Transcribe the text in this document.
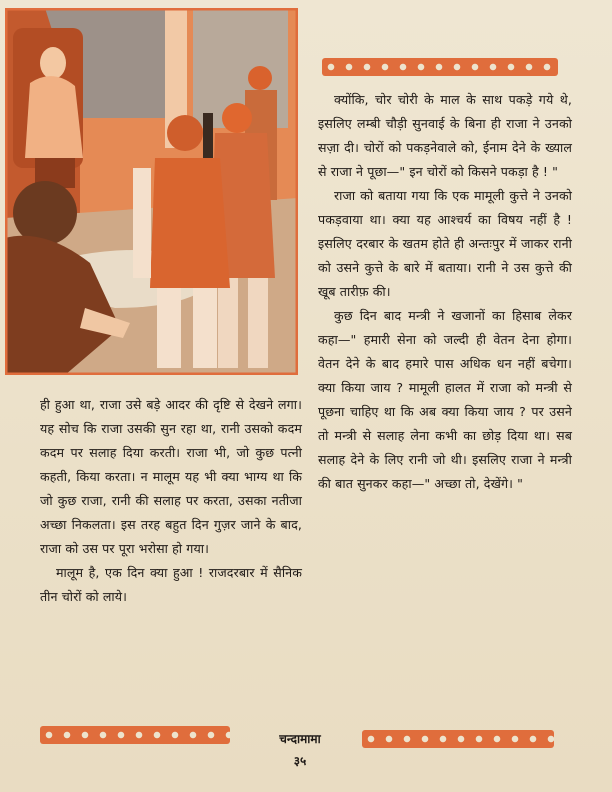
क्योंकि, चोर चोरी के माल के साथ पकड़े गये थे, इसलिए लम्बी चौड़ी सुनवाई के बिना ही राजा ने उनको सज़ा दी। चोरों को पकड़नेवाले को, ईनाम देने के ख्याल से राजा ने पूछा—" इन चोरों को किसने पकड़ा है ! "

राजा को बताया गया कि एक मामूली कुत्ते ने उनको पकड़वाया था। क्या यह आश्चर्य का विषय नहीं है ! इसलिए दरबार के खतम होते ही अन्तःपुर में जाकर रानी को उसने कुत्ते के बारे में बताया। रानी ने उस कुत्ते की खूब तारीफ़ की।

कुछ दिन बाद मन्त्री ने खजानों का हिसाब लेकर कहा—" हमारी सेना को जल्दी ही वेतन देना होगा। वेतन देने के बाद हमारे पास अधिक धन नहीं बचेगा। क्या किया जाय ? मामूली हालत में राजा को मन्त्री से पूछना चाहिए था कि अब क्या किया जाय ? पर उसने तो मन्त्री से सलाह लेना कभी का छोड़ दिया था। सब सलाह देने के लिए रानी जो थी। इसलिए राजा ने मन्त्री की बात सुनकर कहा—" अच्छा तो, देखेंगे। "

ही हुआ था, राजा उसे बड़े आदर की दृष्टि से देखने लगा। यह सोच कि राजा उसकी सुन रहा था, रानी उसको कदम कदम पर सलाह दिया करती। राजा भी, जो कुछ पत्नी कहती, किया करता। न मालूम यह भी क्या भाग्य था कि जो कुछ राजा, रानी की सलाह पर करता, उसका नतीजा अच्छा निकलता। इस तरह बहुत दिन गुज़र जाने के बाद, राजा को उस पर पूरा भरोसा हो गया।

मालूम है, एक दिन क्या हुआ ! राजदरबार में सैनिक तीन चोरों को लाये।

चन्दामामा
३५
